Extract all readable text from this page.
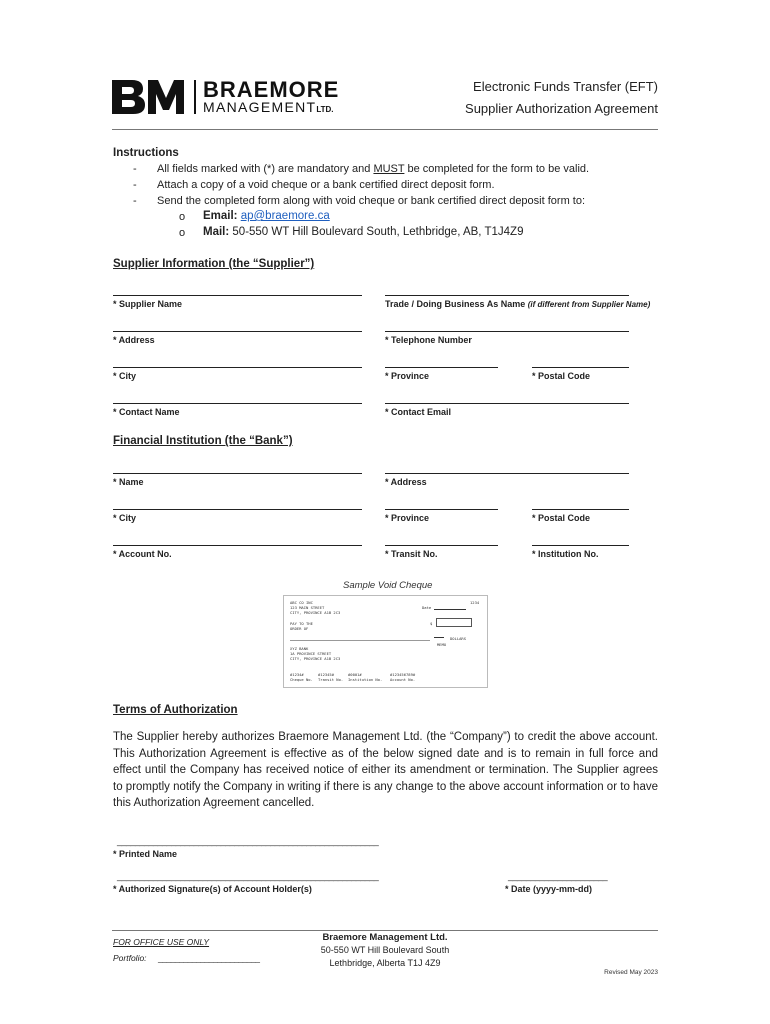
BRAEMORE
MANAGEMENTLTD.
Electronic Funds Transfer (EFT)
Supplier Authorization Agreement
Instructions
- All fields marked with (*) are mandatory and MUST be completed for the form to be valid.
- Attach a copy of a void cheque or a bank certified direct deposit form.
- Send the completed form along with void cheque or bank certified direct deposit form to:
o Email: ap@braemore.ca
o Mail: 50-550 WT Hill Boulevard South, Lethbridge, AB, T1J4Z9
Supplier Information (the “Supplier”)
* Supplier Name	Trade / Doing Business As Name (if different from Supplier Name)
* Address	* Telephone Number
* City	* Province	* Postal Code
* Contact Name	* Contact Email
Financial Institution (the “Bank”)
* Name	* Address
* City	* Province	* Postal Code
* Account No.	* Transit No.	* Institution No.
Sample Void Cheque
ABC CO INC
123 MAIN STREET
CITY, PROVINCE A1B 2C3
1234
Date
PAY TO THE
ORDER OF
$
DOLLARS
XYZ BANK
1A PROVINCE STREET
CITY, PROVINCE A1B 2C3
MEMO
#1234#
Cheque No.
#12345#
Transit No.
#0001#
Institution No.
#123456789#
Account No.
Terms of Authorization
The Supplier hereby authorizes Braemore Management Ltd. (the “Company”) to credit the above account. This Authorization Agreement is effective as of the below signed date and is to remain in full force and effect until the Company has received notice of either its amendment or termination. The Supplier agrees to promptly notify the Company in writing if there is any change to the above account information or to have this Authorization Agreement cancelled.
__________________________________________________________
* Printed Name
__________________________________________________________
* Authorized Signature(s) of Account Holder(s)
______________________
* Date (yyyy-mm-dd)
FOR OFFICE USE ONLY
Portfolio: ________________________
Braemore Management Ltd.
50-550 WT Hill Boulevard South
Lethbridge, Alberta T1J 4Z9
Revised May 2023
